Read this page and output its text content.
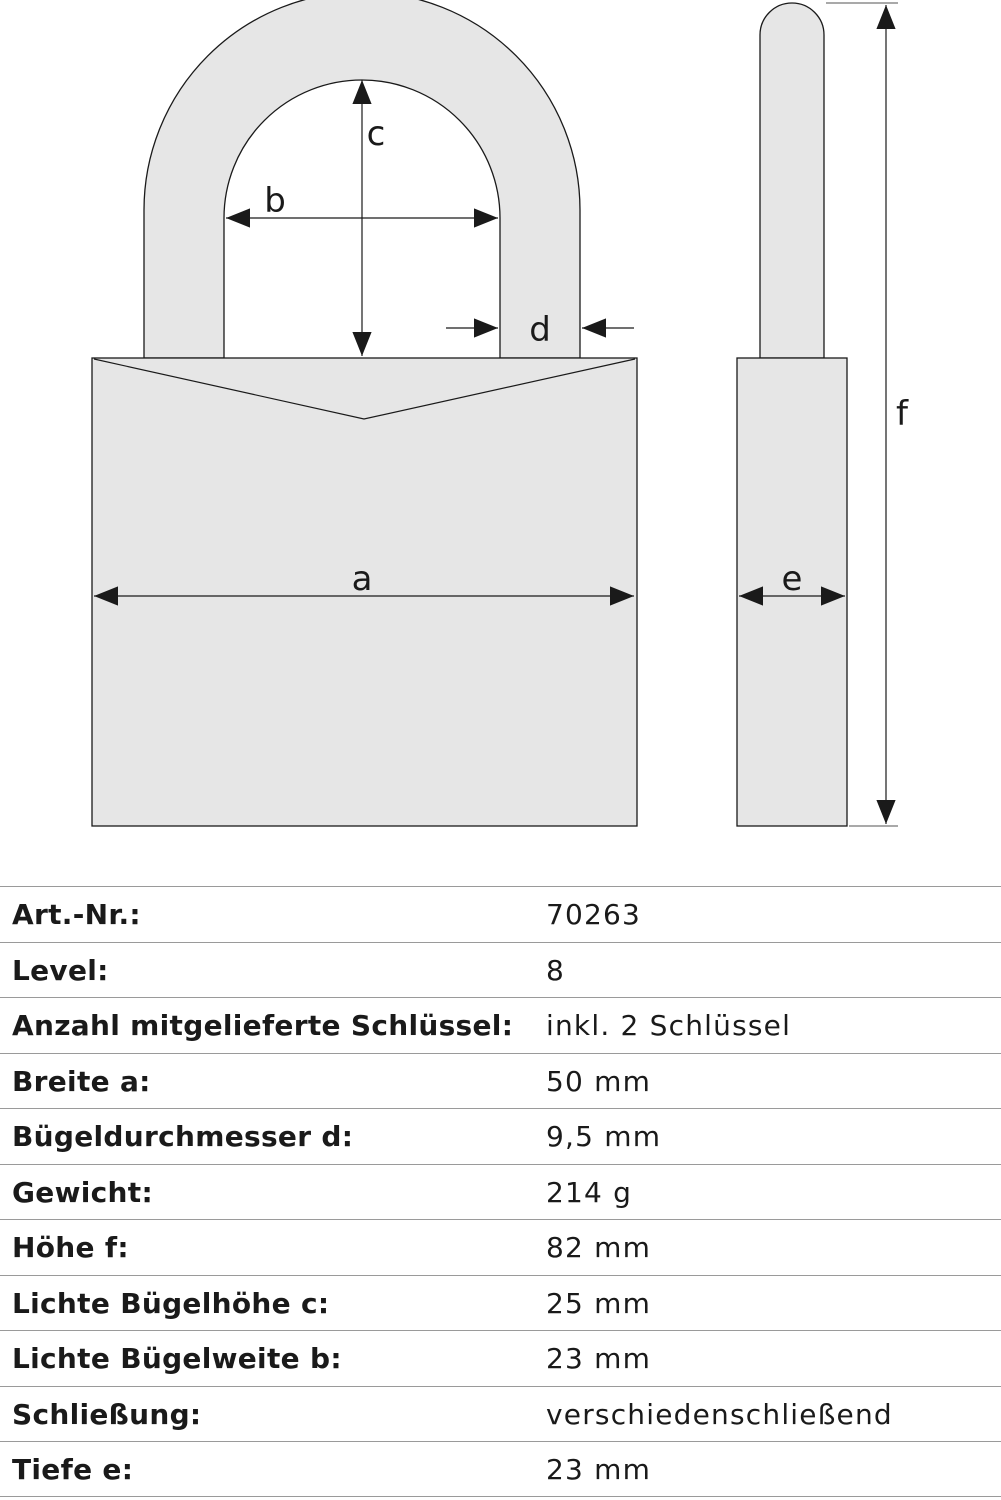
c
b
d
a	e
f
Art.-Nr.:	70263
Level:	8
Anzahl mitgelieferte Schlüssel: inkl. 2 Schlüssel
Breite a:	50 mm
Bügeldurchmesser d:	9,5 mm
Gewicht:	214 g
Höhe f:	82 mm
Lichte Bügelhöhe c:	25 mm
Lichte Bügelweite b:	23 mm
Schließung:	verschiedenschließend
Tiefe e:	23 mm
